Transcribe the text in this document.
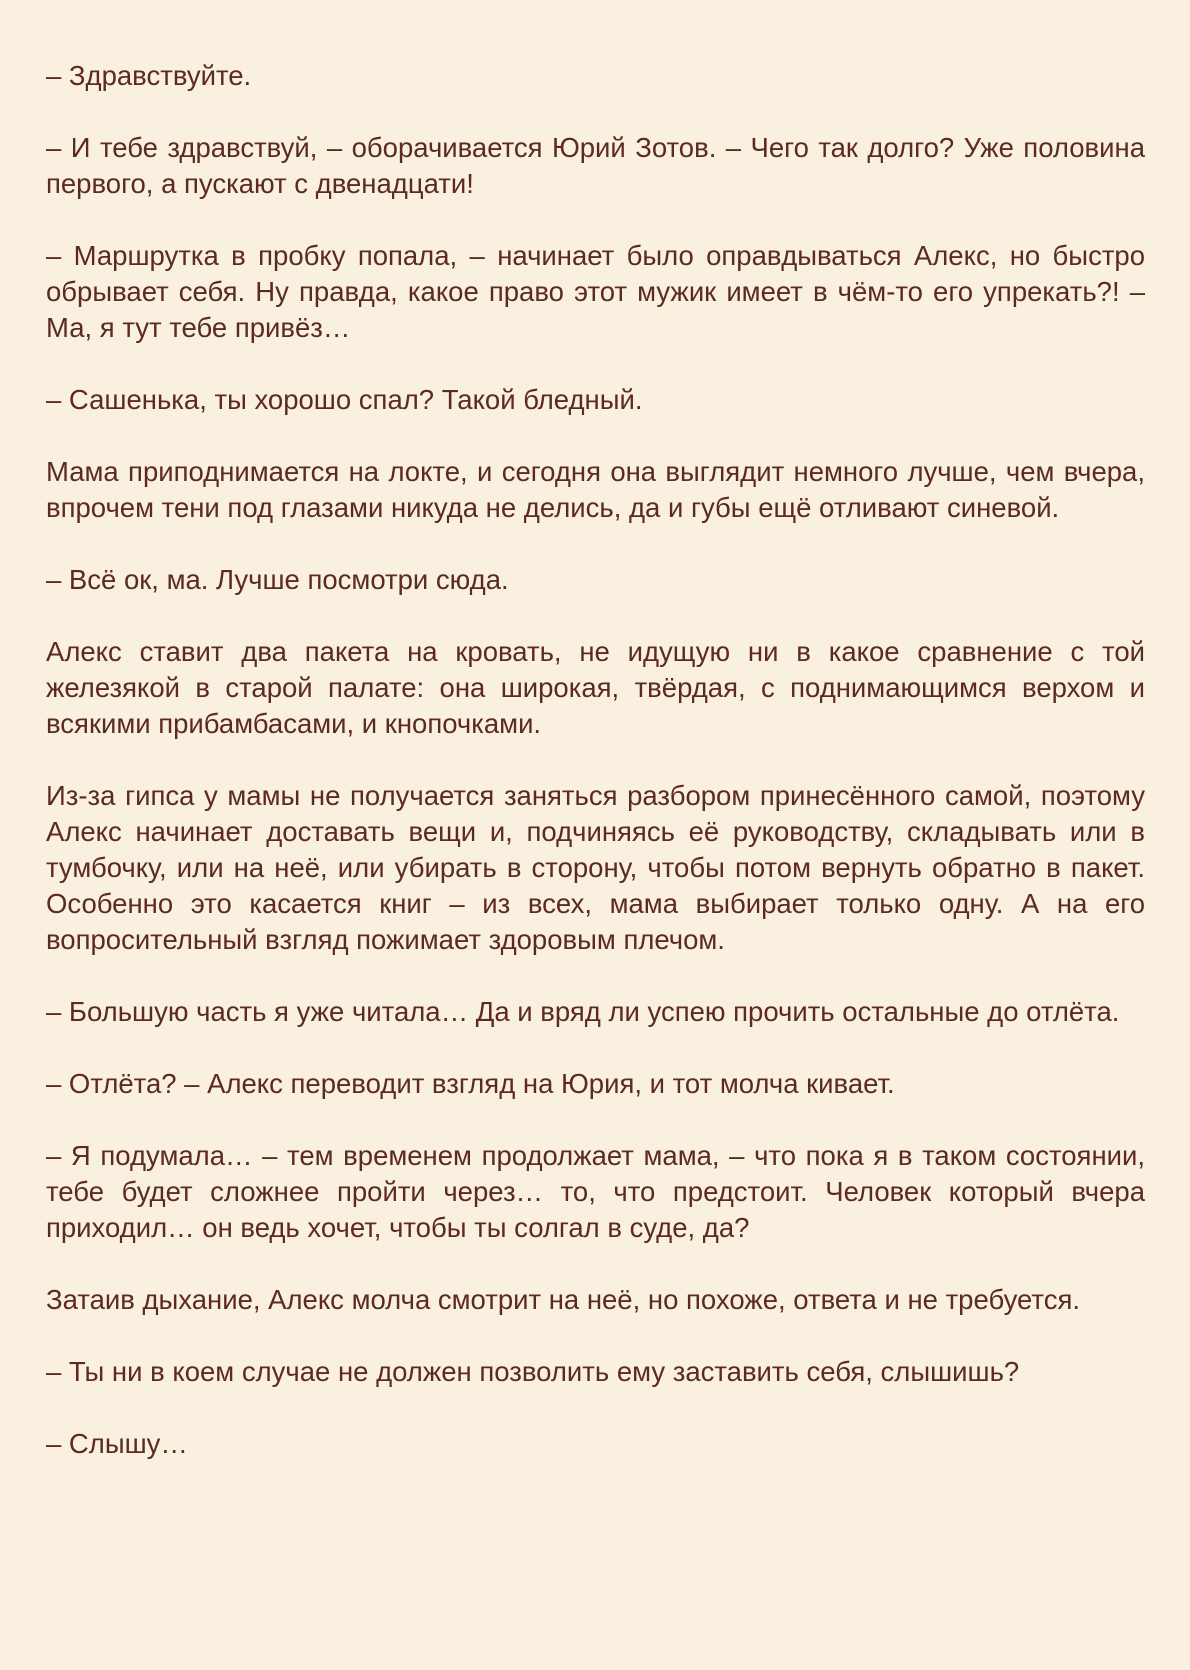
– Здравствуйте.

– И тебе здравствуй, – оборачивается Юрий Зотов. – Чего так долго? Уже половина первого, а пускают с двенадцати!

– Маршрутка в пробку попала, – начинает было оправдываться Алекс, но быстро обрывает себя. Ну правда, какое право этот мужик имеет в чём-то его упрекать?! – Ма, я тут тебе привёз…

– Сашенька, ты хорошо спал? Такой бледный.

Мама приподнимается на локте, и сегодня она выглядит немного лучше, чем вчера, впрочем тени под глазами никуда не делись, да и губы ещё отливают синевой.

– Всё ок, ма. Лучше посмотри сюда.

Алекс ставит два пакета на кровать, не идущую ни в какое сравнение с той железякой в старой палате: она широкая, твёрдая, с поднимающимся верхом и всякими прибамбасами, и кнопочками.

Из-за гипса у мамы не получается заняться разбором принесённого самой, поэтому Алекс начинает доставать вещи и, подчиняясь её руководству, складывать или в тумбочку, или на неё, или убирать в сторону, чтобы потом вернуть обратно в пакет. Особенно это касается книг – из всех, мама выбирает только одну. А на его вопросительный взгляд пожимает здоровым плечом.

– Большую часть я уже читала… Да и вряд ли успею прочить остальные до отлёта.

– Отлёта? – Алекс переводит взгляд на Юрия, и тот молча кивает.

– Я подумала… – тем временем продолжает мама, – что пока я в таком состоянии, тебе будет сложнее пройти через… то, что предстоит. Человек который вчера приходил… он ведь хочет, чтобы ты солгал в суде, да?

Затаив дыхание, Алекс молча смотрит на неё, но похоже, ответа и не требуется.

– Ты ни в коем случае не должен позволить ему заставить себя, слышишь?

– Слышу…
